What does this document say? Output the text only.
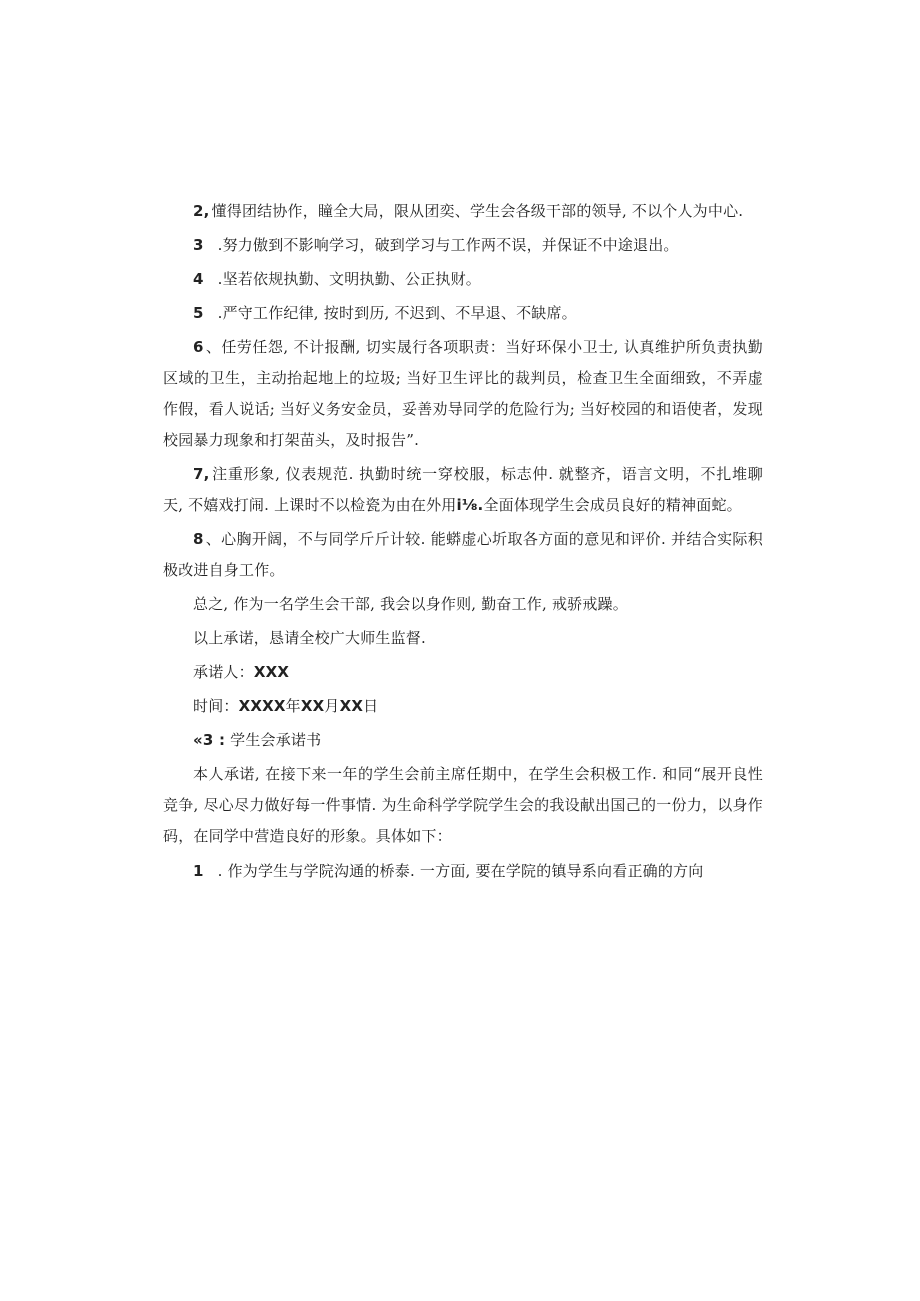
2, 懂得团结协作，瞳全大局，限从团奕、学生会各级干部的领导, 不以个人为中心.

3 .努力傲到不影响学习，破到学习与工作两不误，并保证不中途退出。

4 .坚若依规执勤、文明执勤、公正执财。

5 .严守工作纪律, 按时到历, 不迟到、不早退、不缺席。

6 、任劳任怨, 不计报酬, 切实晟行各项职责：当好环保小卫士, 认真维护所负责执勤区域的卫生，主动抬起地上的垃圾; 当好卫生评比的裁判员，检查卫生全面细致，不弄虚作假，看人说话; 当好义务安金员，妥善劝导同学的危险行为; 当好校园的和语使者，发现校园暴力现象和打架苗头，及时报告”.

7, 注重形象, 仪表规范. 执勤时统一穿校服，标志仲. 就整齐，语言文明，不扎堆聊天, 不嬉戏打闹. 上课时不以检瓷为由在外用i⅛.全面体现学生会成员良好的精神面蛇。

8 、心胸开阔，不与同学斤斤计较. 能蟒虚心圻取各方面的意见和评价. 并结合实际积极改进自身工作。

总之, 作为一名学生会干部, 我会以身作则, 勤奋工作, 戒骄戒躁。

以上承诺，恳请全校广大师生监督.

承诺人：XXX

时间：XXXX年XX月XX日

«3 : 学生会承诺书

本人承诺, 在接下来一年的学生会前主席任期中，在学生会积极工作. 和同“展开良性竞争, 尽心尽力做好每一件事情. 为生命科学学院学生会的我设献出国己的一份力，以身作码，在同学中营造良好的形象。具体如下：

1 . 作为学生与学院沟通的桥泰. 一方面, 要在学院的镇导系向看正确的方向
